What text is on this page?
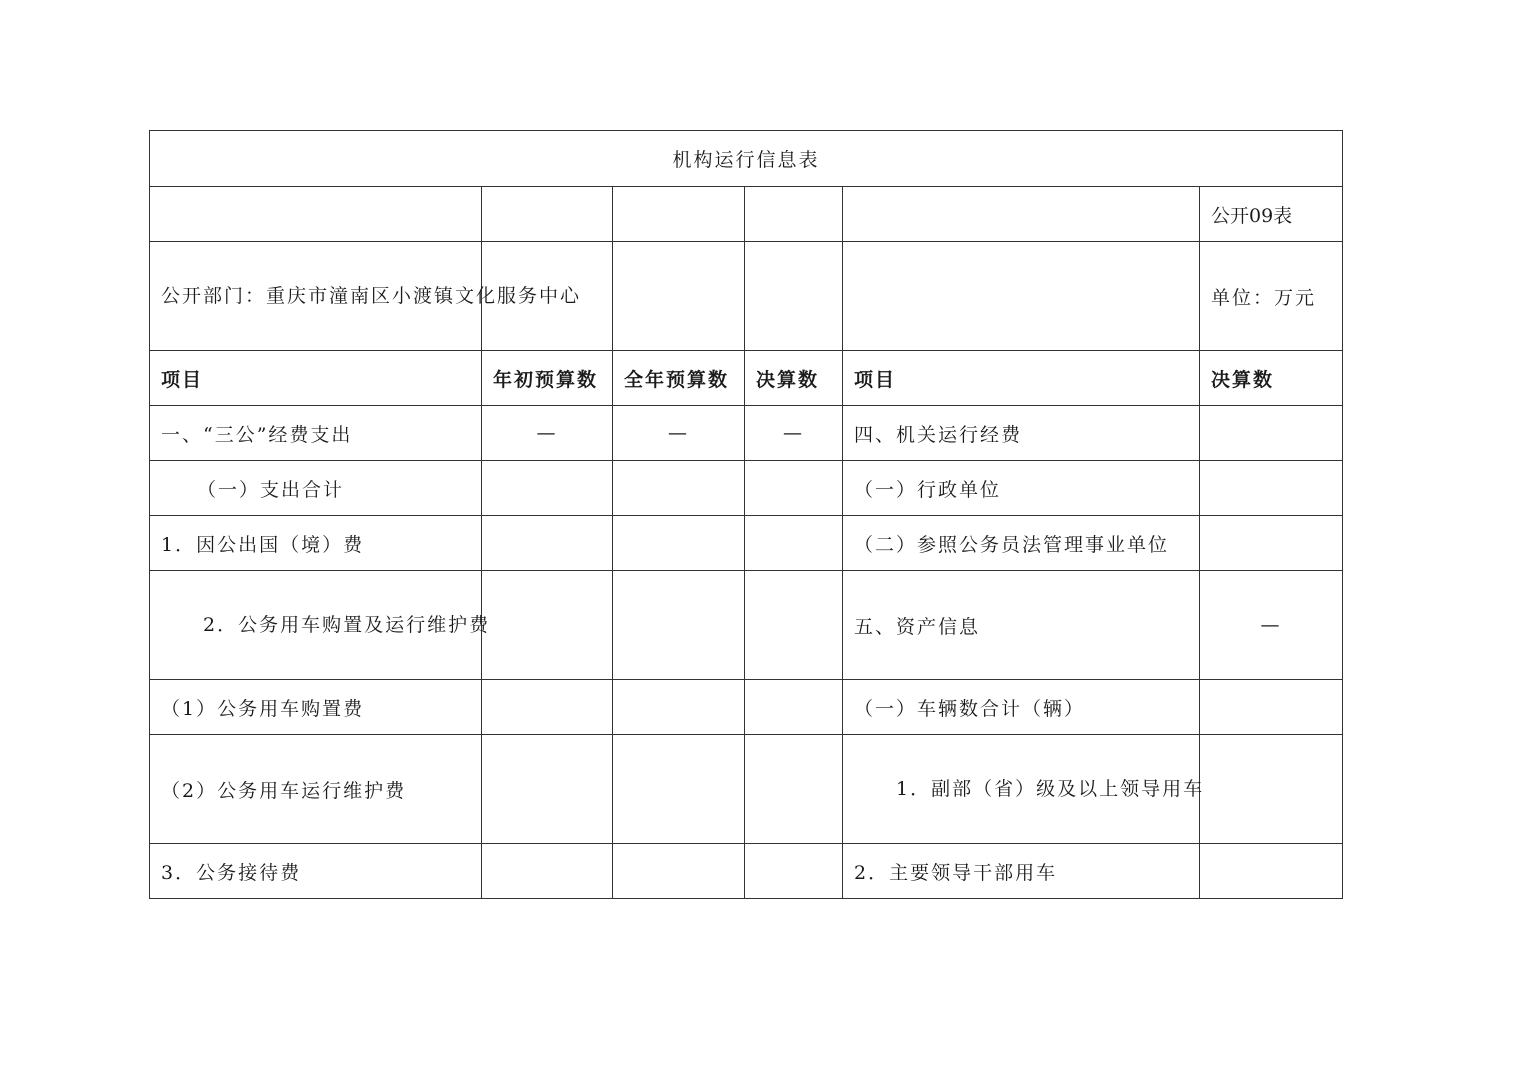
机构运行信息表					
					公开09表
公开部门：重庆市潼南区小渡镇文化服务中心					单位：万元
项目	年初预算数	全年预算数	决算数	项目	决算数
一、“三公”经费支出	—	—	—	四、机关运行经费	
（一）支出合计				（一）行政单位	
1．因公出国（境）费				（二）参照公务员法管理事业单位	
2．公务用车购置及运行维护费				五、资产信息	—
（1）公务用车购置费				（一）车辆数合计（辆）	
（2）公务用车运行维护费				1．副部（省）级及以上领导用车	
3．公务接待费				2．主要领导干部用车	
